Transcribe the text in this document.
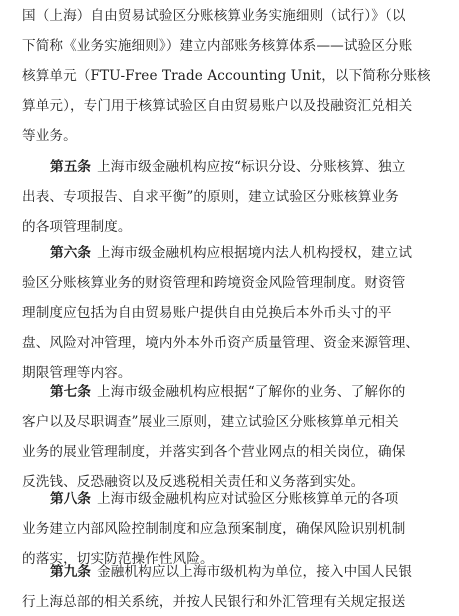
国（上海）自由贸易试验区分账核算业务实施细则（试行）》（以
下简称《业务实施细则》）建立内部账务核算体系——试验区分账
核算单元（FTU-Free Trade Accounting Unit，以下简称分账核
算单元），专门用于核算试验区自由贸易账户以及投融资汇兑相关
等业务。
第五条 上海市级金融机构应按“标识分设、分账核算、独立
出表、专项报告、自求平衡”的原则，建立试验区分账核算业务
的各项管理制度。
第六条 上海市级金融机构应根据境内法人机构授权，建立试
验区分账核算业务的财资管理和跨境资金风险管理制度。财资管
理制度应包括为自由贸易账户提供自由兑换后本外币头寸的平
盘、风险对冲管理，境内外本外币资产质量管理、资金来源管理、
期限管理等内容。
第七条 上海市级金融机构应根据“了解你的业务、了解你的
客户以及尽职调查”展业三原则，建立试验区分账核算单元相关
业务的展业管理制度，并落实到各个营业网点的相关岗位，确保
反洗钱、反恐融资以及反逃税相关责任和义务落到实处。
第八条 上海市级金融机构应对试验区分账核算单元的各项
业务建立内部风险控制制度和应急预案制度，确保风险识别机制
的落实，切实防范操作性风险。
第九条 金融机构应以上海市级机构为单位，接入中国人民银
行上海总部的相关系统，并按人民银行和外汇管理有关规定报送
